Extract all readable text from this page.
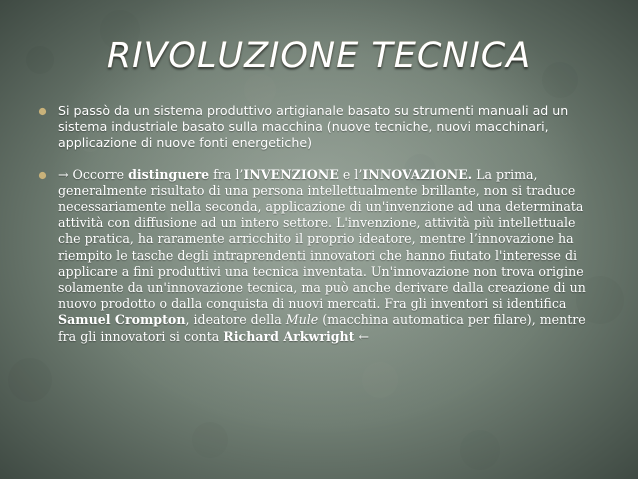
RIVOLUZIONE TECNICA
Si passò da un sistema produttivo artigianale basato su strumenti manuali ad un sistema industriale basato sulla macchina (nuove tecniche, nuovi macchinari, applicazione di nuove fonti energetiche)
→ Occorre distinguere fra l’INVENZIONE e l’INNOVAZIONE. La prima, generalmente risultato di una persona intellettualmente brillante, non si traduce necessariamente nella seconda, applicazione di un'invenzione ad una determinata attività con diffusione ad un intero settore. L'invenzione, attività più intellettuale che pratica, ha raramente arricchito il proprio ideatore, mentre l’innovazione ha riempito le tasche degli intraprendenti innovatori che hanno fiutato l'interesse di applicare a fini produttivi una tecnica inventata. Un'innovazione non trova origine solamente da un'innovazione tecnica, ma può anche derivare dalla creazione di un nuovo prodotto o dalla conquista di nuovi mercati. Fra gli inventori si identifica Samuel Crompton, ideatore della Mule (macchina automatica per filare), mentre fra gli innovatori si conta Richard Arkwright ←
